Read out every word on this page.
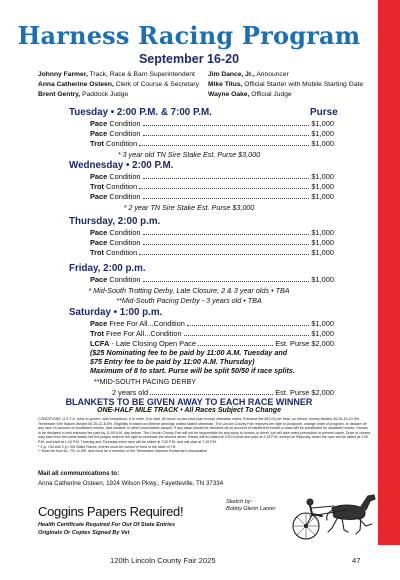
Harness Racing Program
September 16-20
Johnny Farmer, Track, Race & Barn Superintendent
Anna Catherine Osteen, Clerk of Course & Secretary
Brent Gentry, Paddock Judge
Jim Dance, Jr., Announcer
Mike Titus, Official Starter with Mobile Starting Gate
Wayne Oake, Official Judge
Purse
Tuesday • 2:00 P.M. & 7:00 P.M.
Pace Condition	$1,000
Pace Condition	$1,000
Trot Condition	$1,000
* 3 year old TN Sire Stake Est. Purse $3,000
Wednesday • 2:00 P.M.
Pace Condition	$1,000
Trot Condition	$1,000
Pace Condition	$1,000
* 2 year TN Sire Stake Est. Purse $3,000
Thursday, 2:00 p.m.
Pace Condition	$1,000
Pace Condition	$1,000
Trot Condition	$1,000
Friday, 2:00 p.m.
Pace Condition	$1,000
* Mid-South Trotting Derby, Late Closure, 2 & 3 year olds • TBA
**Mid-South Pacing Derby - 3 years old • TBA
Saturday • 1:00 p.m.
Pace Free For All...Condition	$1,000
Trot Free For All...Condition	$1,000
LCFA - Late Closing Open Pace	Est. Purse $2,000
($25 Nominating fee to be paid by 11:00 A.M. Tuesday and
$75 Entry fee to be paid by 11:00 A.M. Thursday)
Maximum of 8 to start. Purse will be split 50/50 if race splits.
**MID-SOUTH PACING DERBY
2 years old	Est. Purse $2,000
BLANKETS TO BE GIVEN AWAY TO EACH RACE WINNER
ONE-HALF MILE TRACK • All Races Subject To Change
CONDITIONS: U.S.T.A. rules to govern, with exceptions, 6 to enter, 5 to start. All races on two-heat plan except otherwise noted. Entrance fee $20.00 per heat, no refund, money divided 45-25-15-10-5%. Tennessee Sire Stakes divided 50-25-12-8-5%. Eligibility is based on lifetime winnings unless stated otherwise. The Lincoln County Fair reserves the right to postpone, change order of program, or declare off any race on account of insufficient entries, bad weather or other unavoidable causes. If any class should be declared off on account of insufficient entries a class will be substituted for available horses. Horses to be declared in and entrance fee paid by 11:00 A.M. day before. The Lincoln County Fair will not be responsible for any injury to horses or driver, but will take every precaution to prevent same. Drive or horses may start from the same stable but the judges reserve the right to nominate the second driver. Races will be called at 2:00 o'clock and start at 2:15 P.M. except on Saturday, when the race will be called at 1:00 P.M. and start at 1:15 P.M. Tuesday and Thursday when race will be called at 7:00 P.M. and will start at 7:15 P.M.
* 3 yr. Old and 2 yr. Old Stake Races, entries must be owned or bred in the state of TN
** Must be from AL, TN, or MS, and must be a member of the Tennessee Harness Horseman's Association
Mail all communications to:
Anna Catherine Osteen, 1924 Wilson Pkwy., Fayetteville, TN 37334
Coggins Papers Required!
Health Certificate Required For Out Of State Entries
Originals Or Copies Signed By Vet
Sketch by:
Bobby Glenn Lanier
120th Lincoln County Fair 2025	47
